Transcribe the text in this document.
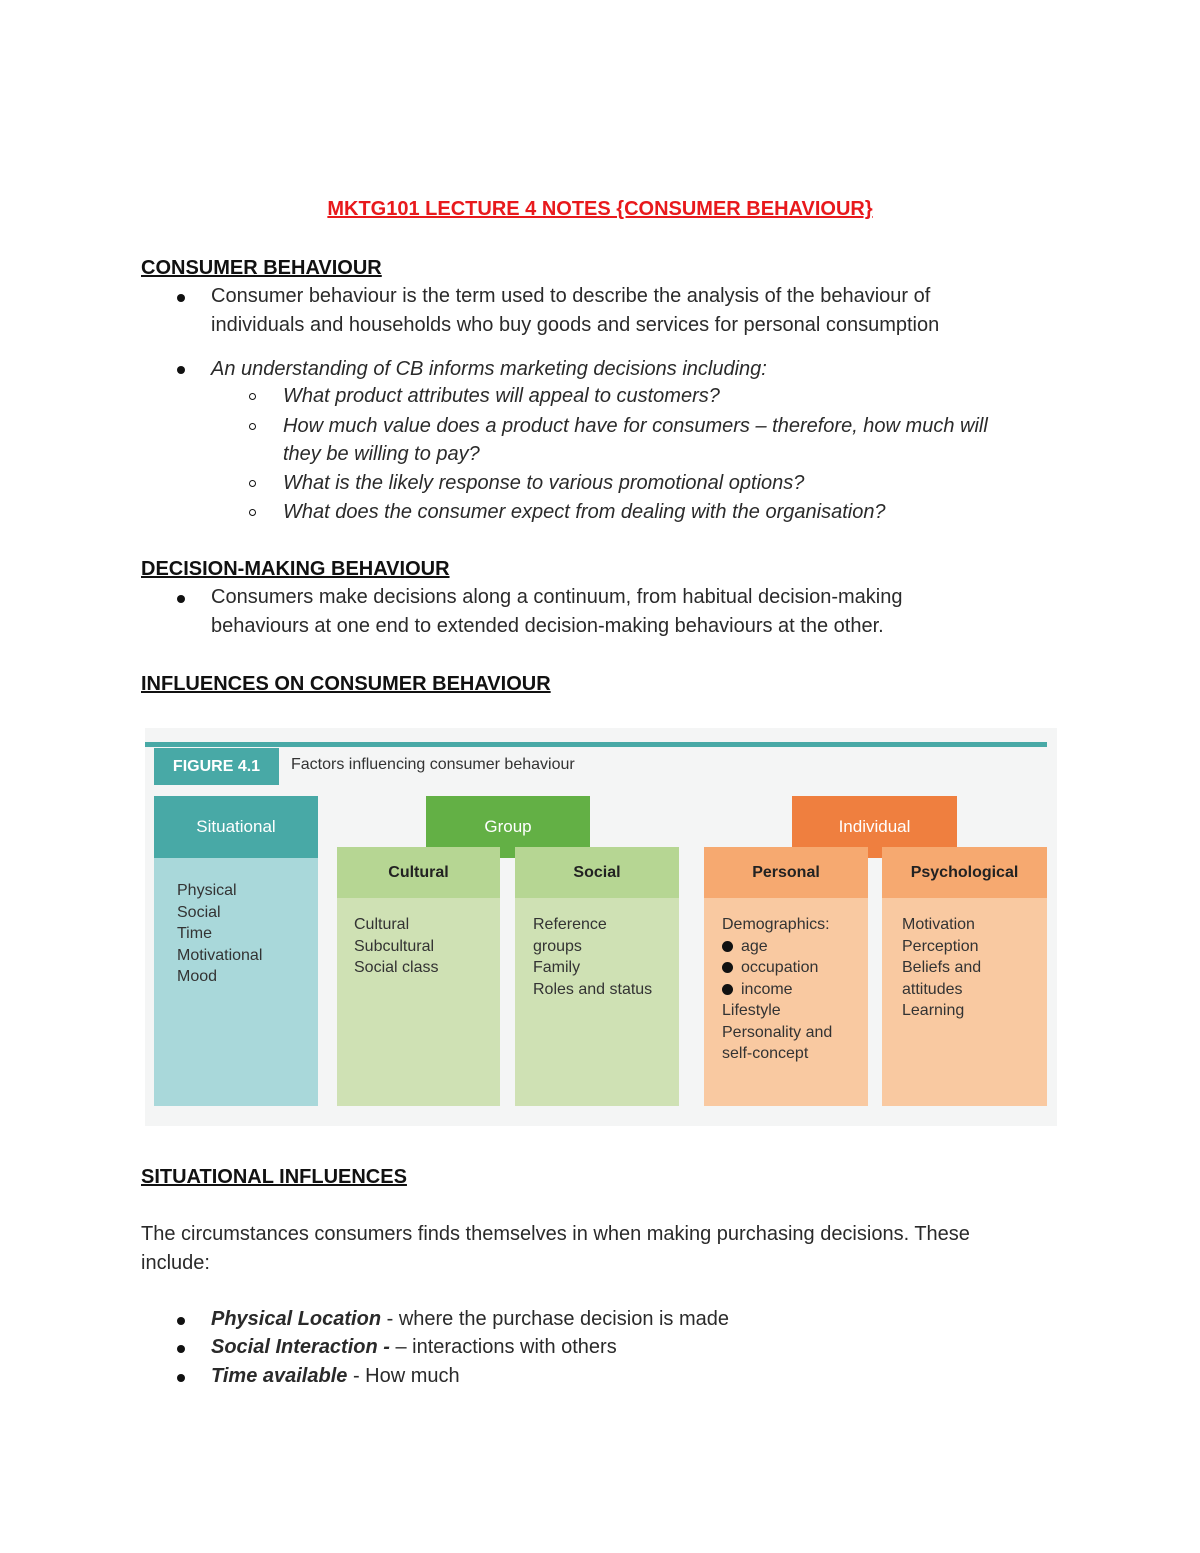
MKTG101 LECTURE 4 NOTES {CONSUMER BEHAVIOUR}
CONSUMER BEHAVIOUR
Consumer behaviour is the term used to describe the analysis of the behaviour of
individuals and households who buy goods and services for personal consumption
An understanding of CB informs marketing decisions including:
What product attributes will appeal to customers?
How much value does a product have for consumers – therefore, how much will
they be willing to pay?
What is the likely response to various promotional options?
What does the consumer expect from dealing with the organisation?
DECISION-MAKING BEHAVIOUR
Consumers make decisions along a continuum, from habitual decision-making
behaviours at one end to extended decision-making behaviours at the other.
INFLUENCES ON CONSUMER BEHAVIOUR
FIGURE 4.1	Factors influencing consumer behaviour
Situational
Physical
Social
Time
Motivational
Mood
Group
Cultural
Cultural
Subcultural
Social class
Social
Reference
groups
Family
Roles and status
Individual
Personal
Demographics:
age
occupation
income
Lifestyle
Personality and
self-concept
Psychological
Motivation
Perception
Beliefs and
attitudes
Learning
SITUATIONAL INFLUENCES
The circumstances consumers finds themselves in when making purchasing decisions. These
include:
Physical Location - where the purchase decision is made
Social Interaction - – interactions with others
Time available - How much
